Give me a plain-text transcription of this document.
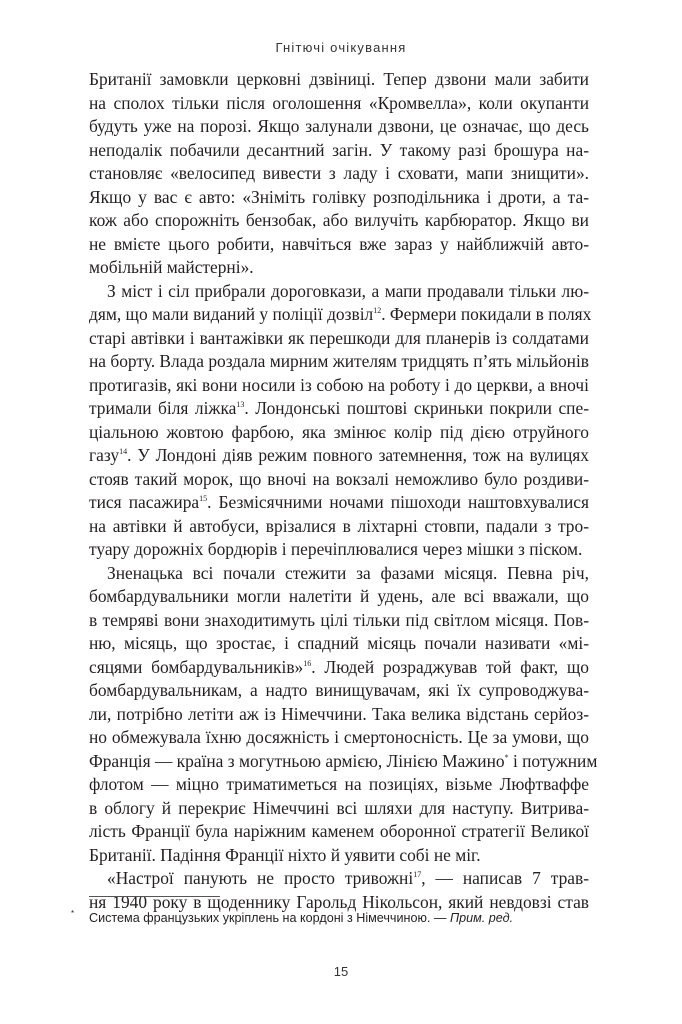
Гнітючі очікування
Британії замовкли церковні дзвіниці. Тепер дзвони мали забити
на сполох тільки після оголошення «Кромвелла», коли окупанти
будуть уже на порозі. Якщо залунали дзвони, це означає, що десь
неподалік побачили десантний загін. У такому разі брошура на-
становляє «велосипед вивести з ладу і сховати, мапи знищити».
Якщо у вас є авто: «Зніміть голівку розподільника і дроти, а та-
кож або спорожніть бензобак, або вилучіть карбюратор. Якщо ви
не вмієте цього робити, навчіться вже зараз у найближчій авто-
мобільній майстерні».
З міст і сіл прибрали дороговкази, а мапи продавали тільки лю-
дям, що мали виданий у поліції дозвіл$^{12}$. Фермери покидали в полях
старі автівки і вантажівки як перешкоди для планерів із солдатами
на борту. Влада роздала мирним жителям тридцять п’ять мільйонів
протигазів, які вони носили із собою на роботу і до церкви, а вночі
тримали біля ліжка$^{13}$. Лондонські поштові скриньки покрили спе-
ціальною жовтою фарбою, яка змінює колір під дією отруйного
газу$^{14}$. У Лондоні діяв режим повного затемнення, тож на вулицях
стояв такий морок, що вночі на вокзалі неможливо було роздиви-
тися пасажира$^{15}$. Безмісячними ночами пішоходи наштовхувалися
на автівки й автобуси, врізалися в ліхтарні стовпи, падали з тро-
туару дорожніх бордюрів і перечіплювалися через мішки з піском.
Зненацька всі почали стежити за фазами місяця. Певна річ,
бомбардувальники могли налетіти й удень, але всі вважали, що
в темряві вони знаходитимуть цілі тільки під світлом місяця. Пов-
ню, місяць, що зростає, і спадний місяць почали називати «мі-
сяцями бомбардувальників»$^{16}$. Людей розраджував той факт, що
бомбардувальникам, а надто винищувачам, які їх супроводжува-
ли, потрібно летіти аж із Німеччини. Така велика відстань серйоз-
но обмежувала їхню досяжність і смертоносність. Це за умови, що
Франція — країна з могутньою армією, Лінією Мажино* і потужним
флотом — міцно триматиметься на позиціях, візьме Люфтваффе
в облогу й перекриє Німеччині всі шляхи для наступу. Витрива-
лість Франції була наріжним каменем оборонної стратегії Великої
Британії. Падіння Франції ніхто й уявити собі не міг.
«Настрої панують не просто тривожні$^{17}$, — написав 7 трав-
ня 1940 року в щоденнику Гарольд Нікольсон, який невдовзі став
* Система французьких укріплень на кордоні з Німеччиною. — Прим. ред.
15
